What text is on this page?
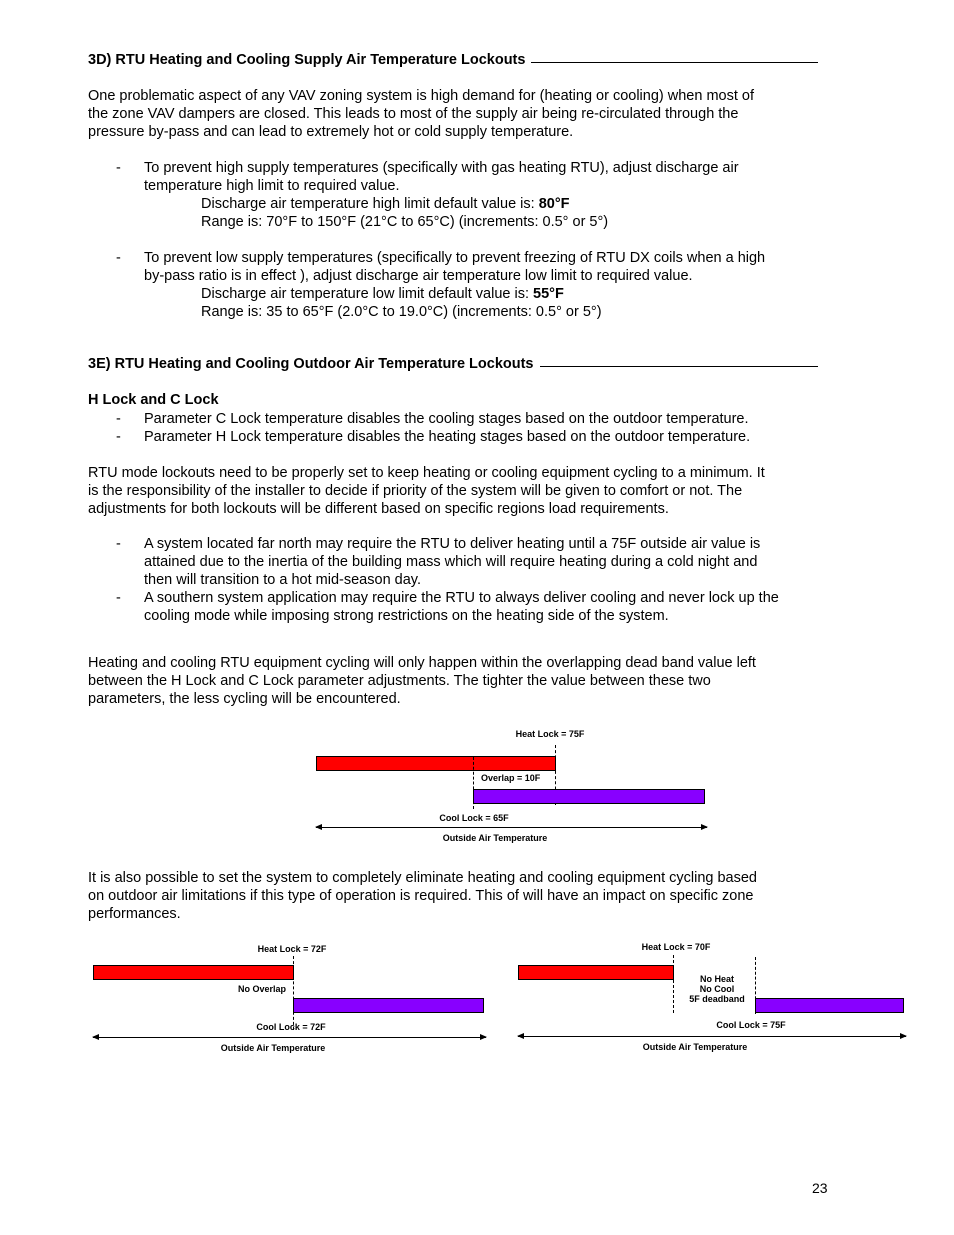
3D) RTU Heating and Cooling Supply Air Temperature Lockouts
One problematic aspect of any VAV zoning system is high demand for (heating or cooling) when most of
the zone VAV dampers are closed. This leads to most of the supply air being re-circulated through the
pressure by-pass and can lead to extremely hot or cold supply temperature.
- To prevent high supply temperatures (specifically with gas heating RTU), adjust discharge air
temperature high limit to required value.
Discharge air temperature high limit default value is: 80°F
Range is: 70°F to 150°F (21°C to 65°C) (increments: 0.5° or 5°)
- To prevent low supply temperatures (specifically to prevent freezing of RTU DX coils when a high
by-pass ratio is in effect ), adjust discharge air temperature low limit to required value.
Discharge air temperature low limit default value is: 55°F
Range is: 35 to 65°F (2.0°C to 19.0°C) (increments: 0.5° or 5°)
3E) RTU Heating and Cooling Outdoor Air Temperature Lockouts
H Lock and C Lock
- Parameter C Lock temperature disables the cooling stages based on the outdoor temperature.
- Parameter H Lock temperature disables the heating stages based on the outdoor temperature.
RTU mode lockouts need to be properly set to keep heating or cooling equipment cycling to a minimum. It
is the responsibility of the installer to decide if priority of the system will be given to comfort or not. The
adjustments for both lockouts will be different based on specific regions load requirements.
- A system located far north may require the RTU to deliver heating until a 75F outside air value is
attained due to the inertia of the building mass which will require heating during a cold night and
then will transition to a hot mid-season day.
- A southern system application may require the RTU to always deliver cooling and never lock up the
cooling mode while imposing strong restrictions on the heating side of the system.
Heating and cooling RTU equipment cycling will only happen within the overlapping dead band value left
between the H Lock and C Lock parameter adjustments. The tighter the value between these two
parameters, the less cycling will be encountered.
Heat Lock = 75F
Overlap = 10F
Cool Lock = 65F
Outside Air Temperature
It is also possible to set the system to completely eliminate heating and cooling equipment cycling based
on outdoor air limitations if this type of operation is required. This of will have an impact on specific zone
performances.
Heat Lock = 72F
No Overlap
Cool Lock = 72F
Outside Air Temperature
Heat Lock = 70F
No Heat
No Cool
5F deadband
Cool Lock = 75F
Outside Air Temperature
23
